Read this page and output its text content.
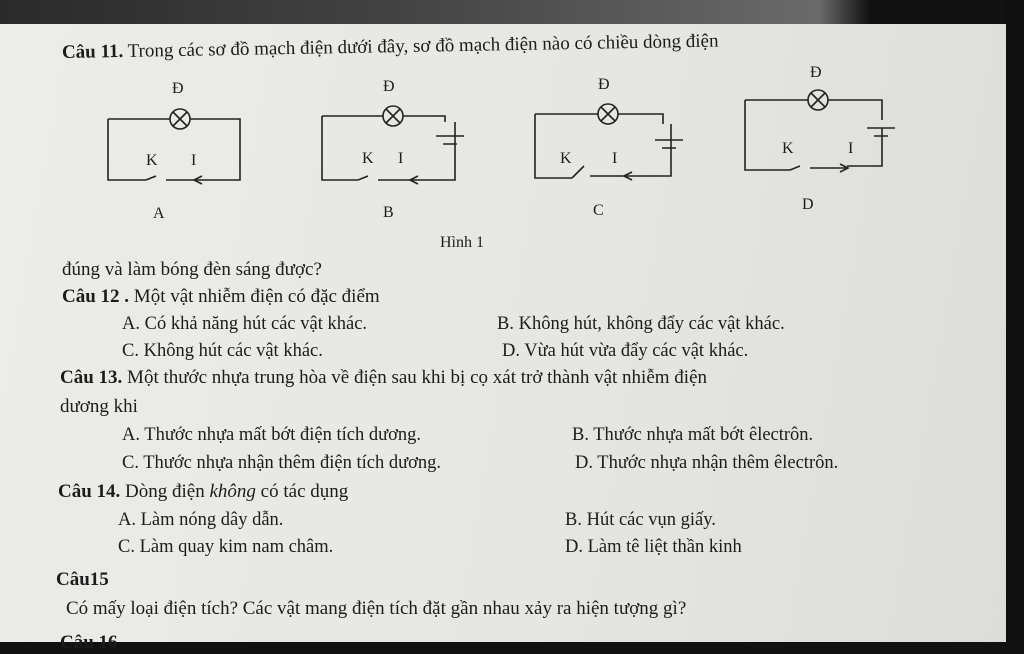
Câu 11. Trong các sơ đồ mạch điện dưới đây, sơ đồ mạch điện nào có chiều dòng điện
Đ	Đ	Đ
Đ
K I	K I	K	I
K	I
A	B	C	D
Hình 1
đúng và làm bóng đèn sáng được?
Câu 12 . Một vật nhiễm điện có đặc điểm
A. Có khả năng hút các vật khác.	B. Không hút, không đẩy các vật khác.
C. Không hút các vật khác.	D. Vừa hút vừa đẩy các vật khác.
Câu 13. Một thước nhựa trung hòa về điện sau khi bị cọ xát trở thành vật nhiễm điện
dương khi
A. Thước nhựa mất bớt điện tích dương.	B. Thước nhựa mất bớt êlectrôn.
C. Thước nhựa nhận thêm điện tích dương.	D. Thước nhựa nhận thêm êlectrôn.
Câu 14. Dòng điện không có tác dụng
A. Làm nóng dây dẫn.	B. Hút các vụn giấy.
C. Làm quay kim nam châm.	D. Làm tê liệt thần kinh
Câu15
Có mấy loại điện tích? Các vật mang điện tích đặt gần nhau xảy ra hiện tượng gì?
Câu 16
